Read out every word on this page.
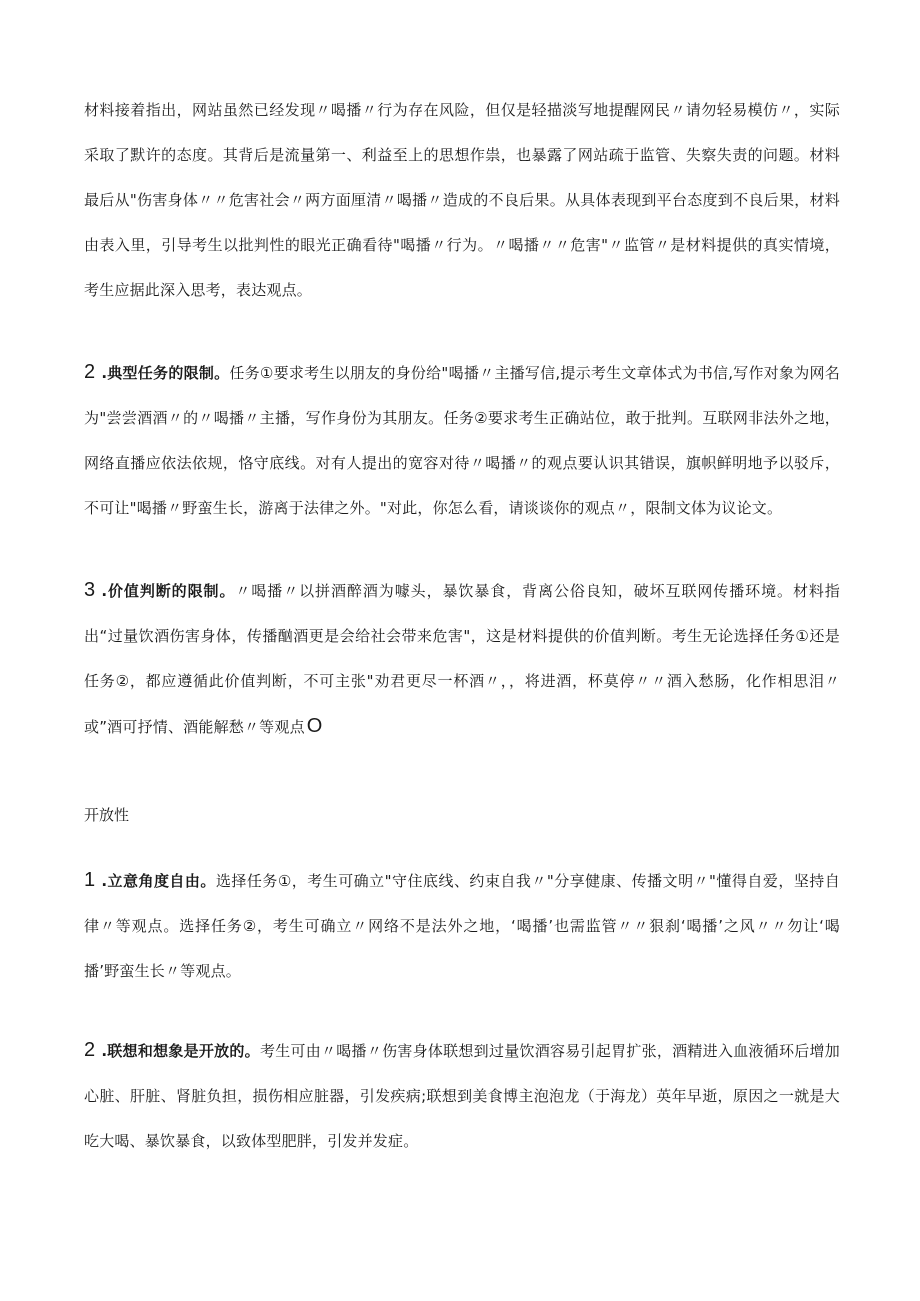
材料接着指出，网站虽然已经发现〃喝播〃行为存在风险，但仅是轻描淡写地提醒网民〃请勿轻易模仿〃，实际采取了默许的态度。其背后是流量第一、利益至上的思想作祟，也暴露了网站疏于监管、失察失责的问题。材料最后从"伤害身体〃〃危害社会〃两方面厘清〃喝播〃造成的不良后果。从具体表现到平台态度到不良后果，材料由表入里，引导考生以批判性的眼光正确看待"喝播〃行为。〃喝播〃〃危害"〃监管〃是材料提供的真实情境，考生应据此深入思考，表达观点。
2 .典型任务的限制。任务①要求考生以朋友的身份给"喝播〃主播写信,提示考生文章体式为书信,写作对象为网名为"尝尝酒酒〃的〃喝播〃主播，写作身份为其朋友。任务②要求考生正确站位，敢于批判。互联网非法外之地，网络直播应依法依规，恪守底线。对有人提出的宽容对待〃喝播〃的观点要认识其错误，旗帜鲜明地予以驳斥，不可让"喝播〃野蛮生长，游离于法律之外。"对此，你怎么看，请谈谈你的观点〃，限制文体为议论文。
3 .价值判断的限制。〃喝播〃以拼酒醉酒为噱头，暴饮暴食，背离公俗良知，破坏互联网传播环境。材料指出“过量饮酒伤害身体，传播酗酒更是会给社会带来危害"，这是材料提供的价值判断。考生无论选择任务①还是任务②，都应遵循此价值判断，不可主张"劝君更尽一杯酒〃，，将进酒，杯莫停〃〃酒入愁肠，化作相思泪〃或”酒可抒情、酒能解愁〃等观点 O
开放性
1 .立意角度自由。选择任务①，考生可确立"守住底线、约束自我〃"分享健康、传播文明〃"懂得自爱，坚持自律〃等观点。选择任务②，考生可确立〃网络不是法外之地，‘喝播’也需监管〃〃狠刹‘喝播’之风〃〃勿让‘喝播’野蛮生长〃等观点。
2 .联想和想象是开放的。考生可由〃喝播〃伤害身体联想到过量饮酒容易引起胃扩张，酒精进入血液循环后增加心脏、肝脏、肾脏负担，损伤相应脏器，引发疾病;联想到美食博主泡泡龙（于海龙）英年早逝，原因之一就是大吃大喝、暴饮暴食，以致体型肥胖，引发并发症。
